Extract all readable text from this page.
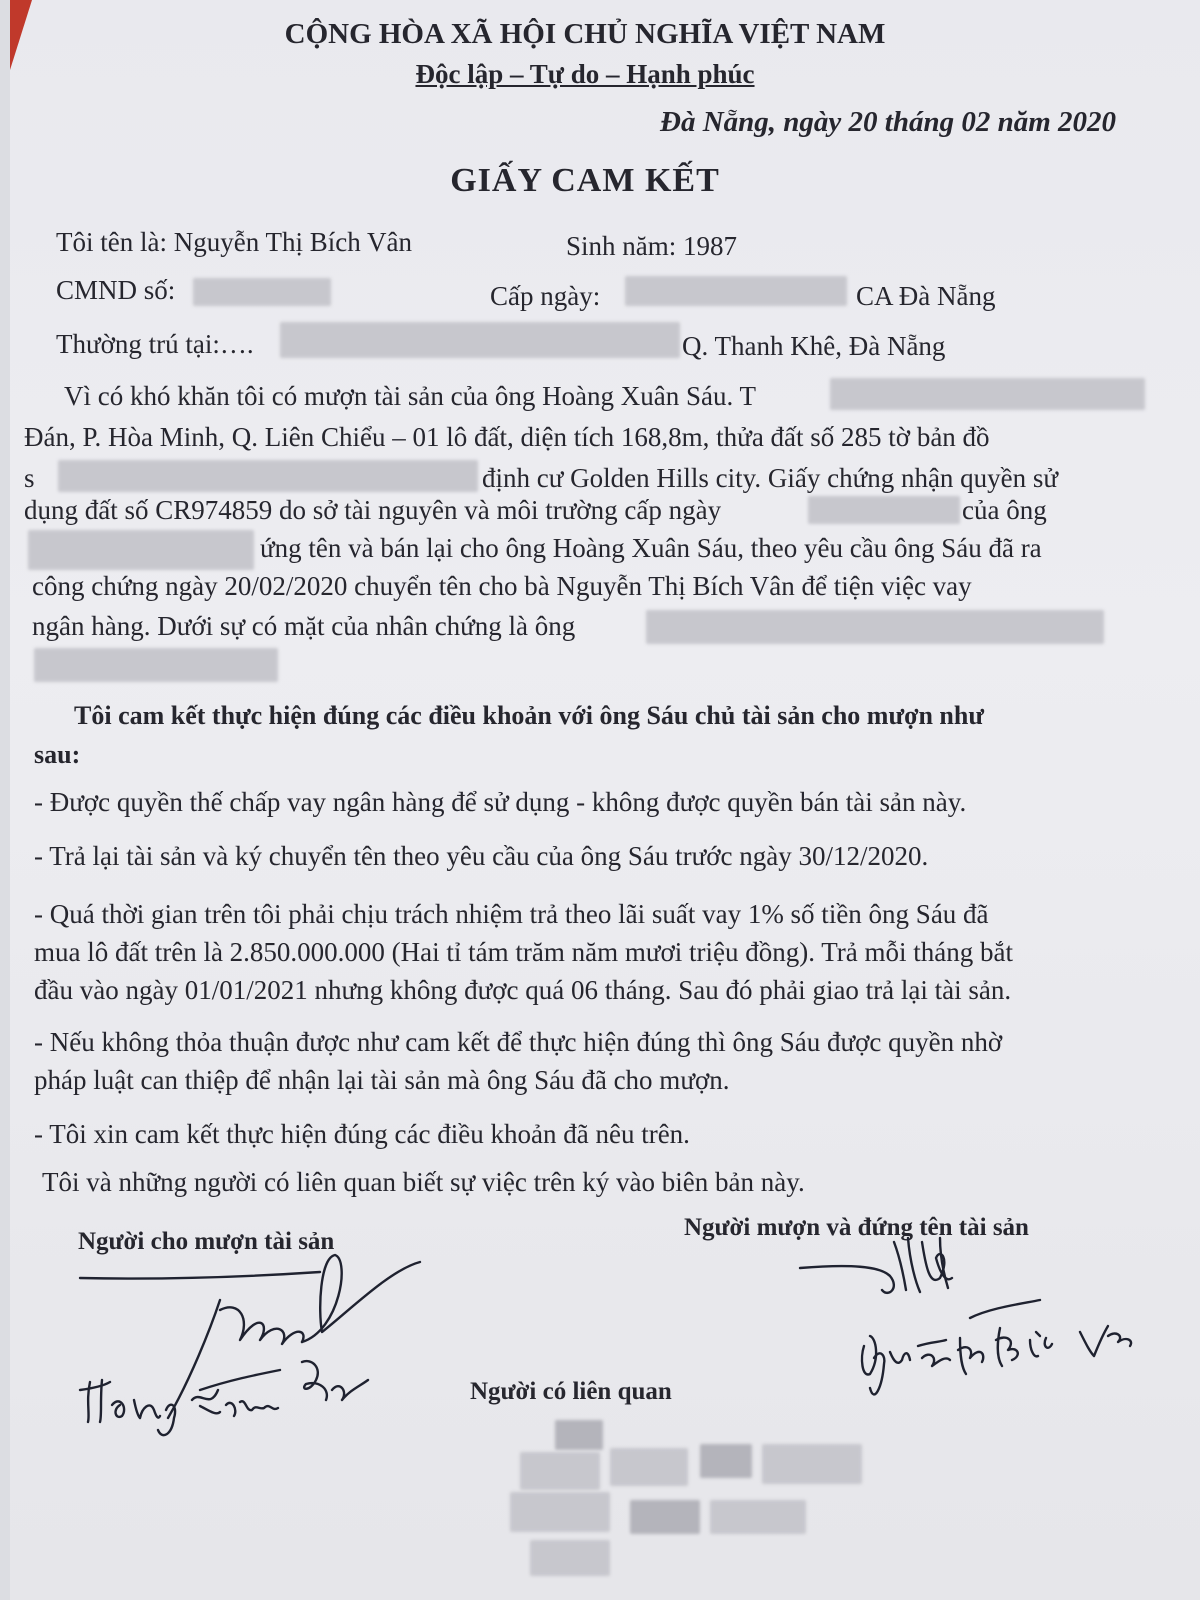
CỘNG HÒA XÃ HỘI CHỦ NGHĨA VIỆT NAM
Độc lập – Tự do – Hạnh phúc
Đà Nẵng, ngày 20 tháng 02 năm 2020
GIẤY CAM KẾT
Tôi tên là: Nguyễn Thị Bích Vân	Sinh năm: 1987
CMND số:	Cấp ngày:	CA Đà Nẵng
Thường trú tại:….	Q. Thanh Khê, Đà Nẵng
Vì có khó khăn tôi có mượn tài sản của ông Hoàng Xuân Sáu. T
Đán, P. Hòa Minh, Q. Liên Chiểu – 01 lô đất, diện tích 168,8m, thửa đất số 285 tờ bản đồ
s	định cư Golden Hills city. Giấy chứng nhận quyền sử
dụng đất số CR974859 do sở tài nguyên và môi trường cấp ngày	của ông
ứng tên và bán lại cho ông Hoàng Xuân Sáu, theo yêu cầu ông Sáu đã ra
công chứng ngày 20/02/2020 chuyển tên cho bà Nguyễn Thị Bích Vân để tiện việc vay
ngân hàng. Dưới sự có mặt của nhân chứng là ông
Tôi cam kết thực hiện đúng các điều khoản với ông Sáu chủ tài sản cho mượn như
sau:
- Được quyền thế chấp vay ngân hàng để sử dụng - không được quyền bán tài sản này.
- Trả lại tài sản và ký chuyển tên theo yêu cầu của ông Sáu trước ngày 30/12/2020.
- Quá thời gian trên tôi phải chịu trách nhiệm trả theo lãi suất vay 1% số tiền ông Sáu đã
mua lô đất trên là 2.850.000.000 (Hai tỉ tám trăm năm mươi triệu đồng). Trả mỗi tháng bắt
đầu vào ngày 01/01/2021 nhưng không được quá 06 tháng. Sau đó phải giao trả lại tài sản.
- Nếu không thỏa thuận được như cam kết để thực hiện đúng thì ông Sáu được quyền nhờ
pháp luật can thiệp để nhận lại tài sản mà ông Sáu đã cho mượn.
- Tôi xin cam kết thực hiện đúng các điều khoản đã nêu trên.
Tôi và những người có liên quan biết sự việc trên ký vào biên bản này.
Người cho mượn tài sản
Người mượn và đứng tên tài sản
Người có liên quan
